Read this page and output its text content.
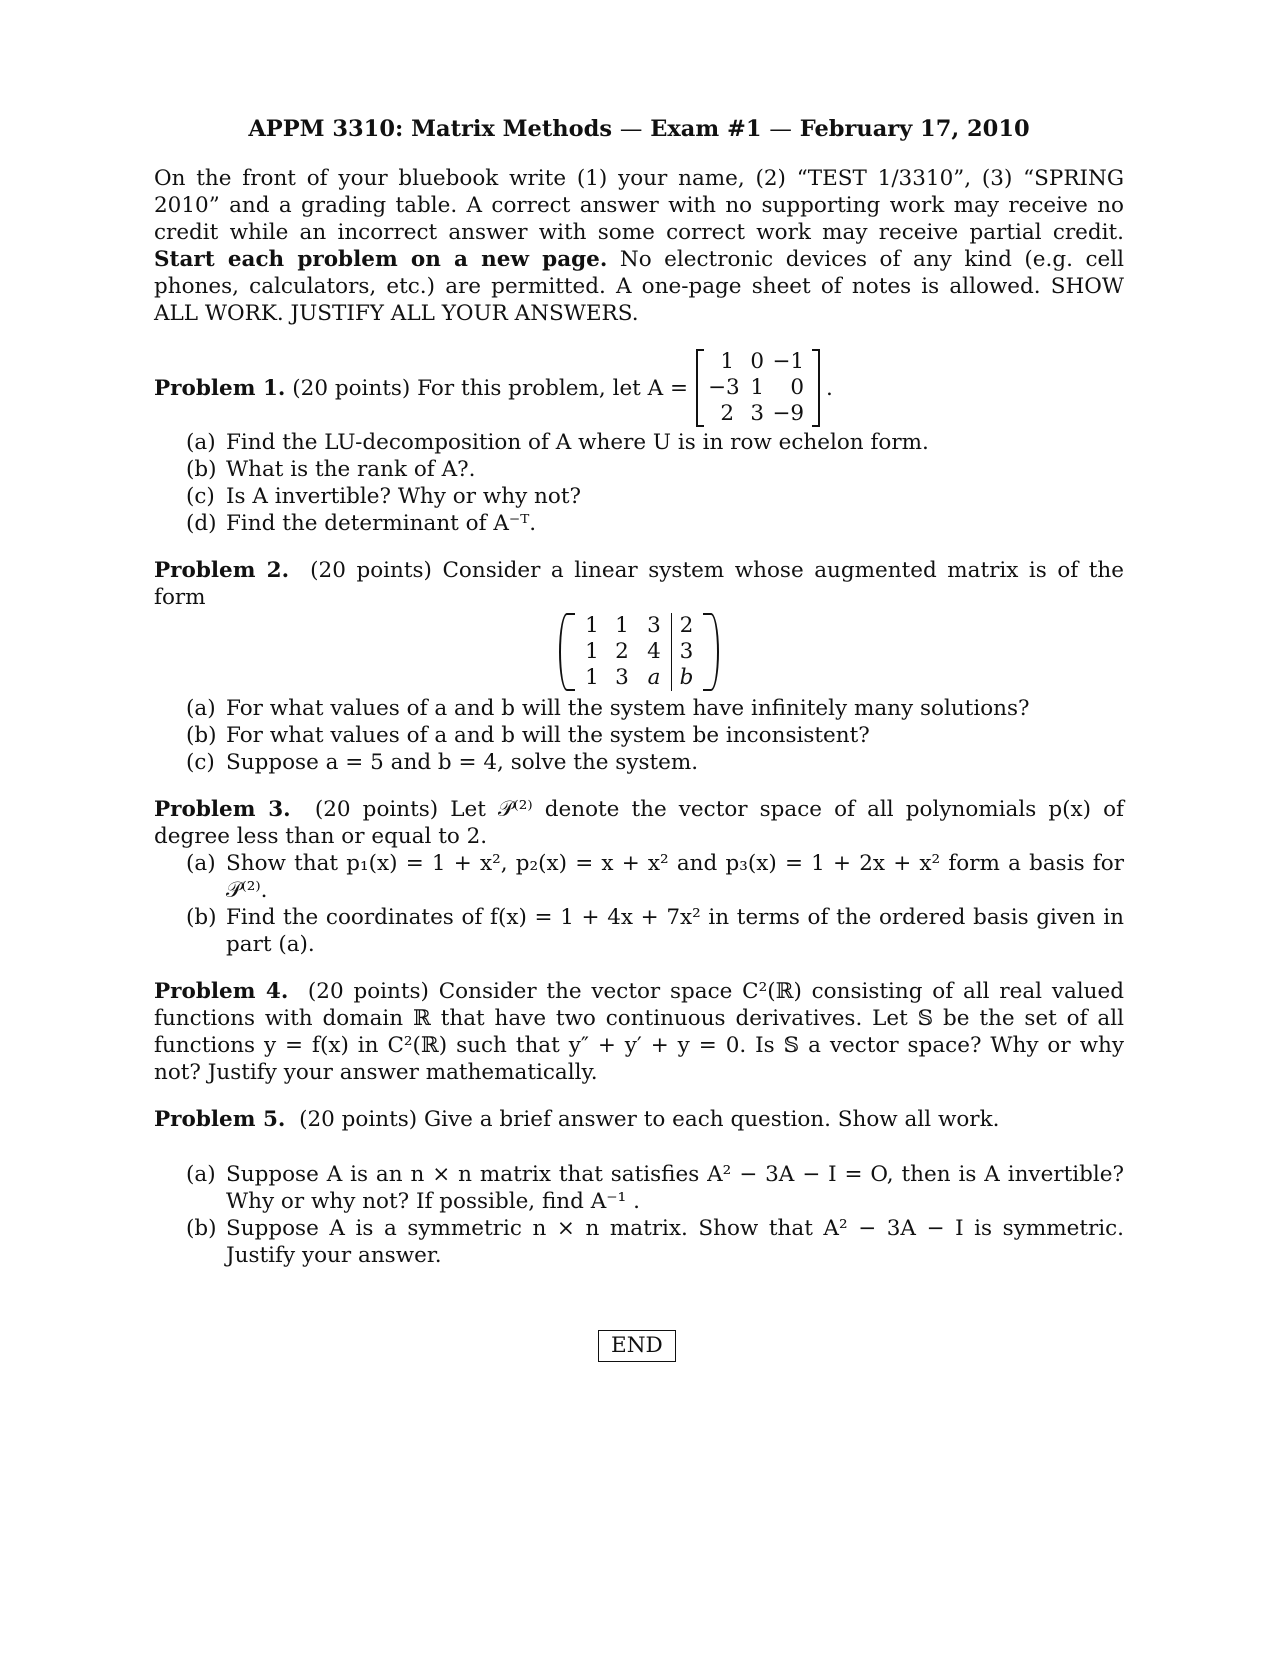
APPM 3310: Matrix Methods — Exam #1 — February 17, 2010

On the front of your bluebook write (1) your name, (2) “TEST 1/3310”, (3) “SPRING 2010” and a grading table. A correct answer with no supporting work may receive no credit while an incorrect answer with some correct work may receive partial credit. Start each problem on a new page. No electronic devices of any kind (e.g. cell phones, calculators, etc.) are permitted. A one-page sheet of notes is allowed. SHOW ALL WORK. JUSTIFY ALL YOUR ANSWERS.

Problem 1.
(20 points) For this problem, let A =
1 0 −1
−3 1	0
2 3 −9
.
(a) Find the LU-decomposition of A where U is in row echelon form.
(b) What is the rank of A?.
(c) Is A invertible? Why or why not?
(d) Find the determinant of A⁻ᵀ.
Problem 2. (20 points) Consider a linear system whose augmented matrix is of the form
1 1 3 2
1 2 4 3
1 3 a b
(a) For what values of a and b will the system have infinitely many solutions?
(b) For what values of a and b will the system be inconsistent?
(c) Suppose a = 5 and b = 4, solve the system.
Problem 3. (20 points) Let 𝒫⁽²⁾ denote the vector space of all polynomials p(x) of degree less than or equal to 2.
(a) Show that p₁(x) = 1 + x², p₂(x) = x + x² and p₃(x) = 1 + 2x + x² form a basis for 𝒫⁽²⁾.
(b) Find the coordinates of f(x) = 1 + 4x + 7x² in terms of the ordered basis given in part (a).
Problem 4. (20 points) Consider the vector space C²(ℝ) consisting of all real valued functions with domain ℝ that have two continuous derivatives. Let 𝕊 be the set of all functions y = f(x) in C²(ℝ) such that y″ + y′ + y = 0. Is 𝕊 a vector space? Why or why not? Justify your answer mathematically.
Problem 5. (20 points) Give a brief answer to each question. Show all work.
(a) Suppose A is an n × n matrix that satisfies A² − 3A − I = O, then is A invertible? Why or why not? If possible, find A⁻¹ .
(b) Suppose A is a symmetric n × n matrix. Show that A² − 3A − I is symmetric. Justify your answer.
END
